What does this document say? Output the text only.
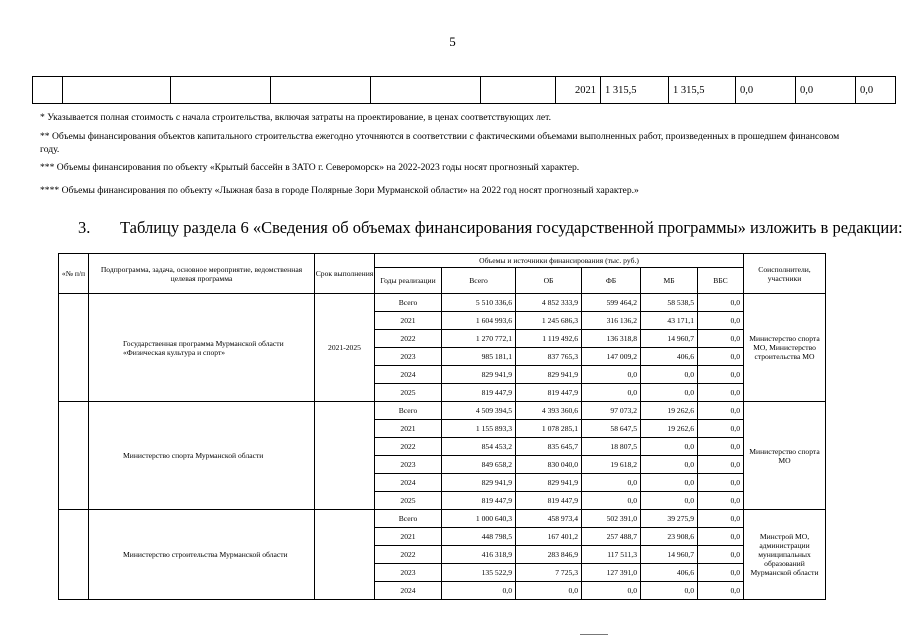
5
						2021	1 315,5	1 315,5	0,0	0,0	0,0
* Указывается полная стоимость с начала строительства, включая затраты на проектирование, в ценах соответствующих лет.
** Объемы финансирования объектов капитального строительства ежегодно уточняются в соответствии с фактическими объемами выполненных работ, произведенных в прошедшем финансовом году.
*** Объемы финансирования по объекту «Крытый бассейн в ЗАТО г. Североморск» на 2022-2023 годы носят прогнозный характер.
**** Объемы финансирования по объекту «Лыжная база в городе Полярные Зори Мурманской области» на 2022 год носят прогнозный характер.»
3. Таблицу раздела 6 «Сведения об объемах финансирования государственной программы» изложить в редакции:
«№ п/п	Подпрограмма, задача, основное мероприятие, ведомственная целевая программа	Срок выполнения	Объемы и источники финансирования (тыс. руб.)						Соисполнители, участники
			Годы реализации	Всего	ОБ	ФБ	МБ	ВБС	
	Государственная программа Мурманской области «Физическая культура и спорт»	2021-2025	Всего	5 510 336,6	4 852 333,9	599 464,2	58 538,5	0,0	Министерство спорта МО, Министерство строительства МО
			2021	1 604 993,6	1 245 686,3	316 136,2	43 171,1	0,0	
			2022	1 270 772,1	1 119 492,6	136 318,8	14 960,7	0,0	
			2023	985 181,1	837 765,3	147 009,2	406,6	0,0	
			2024	829 941,9	829 941,9	0,0	0,0	0,0	
			2025	819 447,9	819 447,9	0,0	0,0	0,0	
	Министерство спорта Мурманской области		Всего	4 509 394,5	4 393 360,6	97 073,2	19 262,6	0,0	Министерство спорта МО
			2021	1 155 893,3	1 078 285,1	58 647,5	19 262,6	0,0	
			2022	854 453,2	835 645,7	18 807,5	0,0	0,0	
			2023	849 658,2	830 040,0	19 618,2	0,0	0,0	
			2024	829 941,9	829 941,9	0,0	0,0	0,0	
			2025	819 447,9	819 447,9	0,0	0,0	0,0	
	Министерство строительства Мурманской области		Всего	1 000 640,3	458 973,4	502 391,0	39 275,9	0,0	Минстрой МО, администрации муниципальных образований Мурманской области
			2021	448 798,5	167 401,2	257 488,7	23 908,6	0,0	
			2022	416 318,9	283 846,9	117 511,3	14 960,7	0,0	
			2023	135 522,9	7 725,3	127 391,0	406,6	0,0	
			2024	0,0	0,0	0,0	0,0	0,0	
